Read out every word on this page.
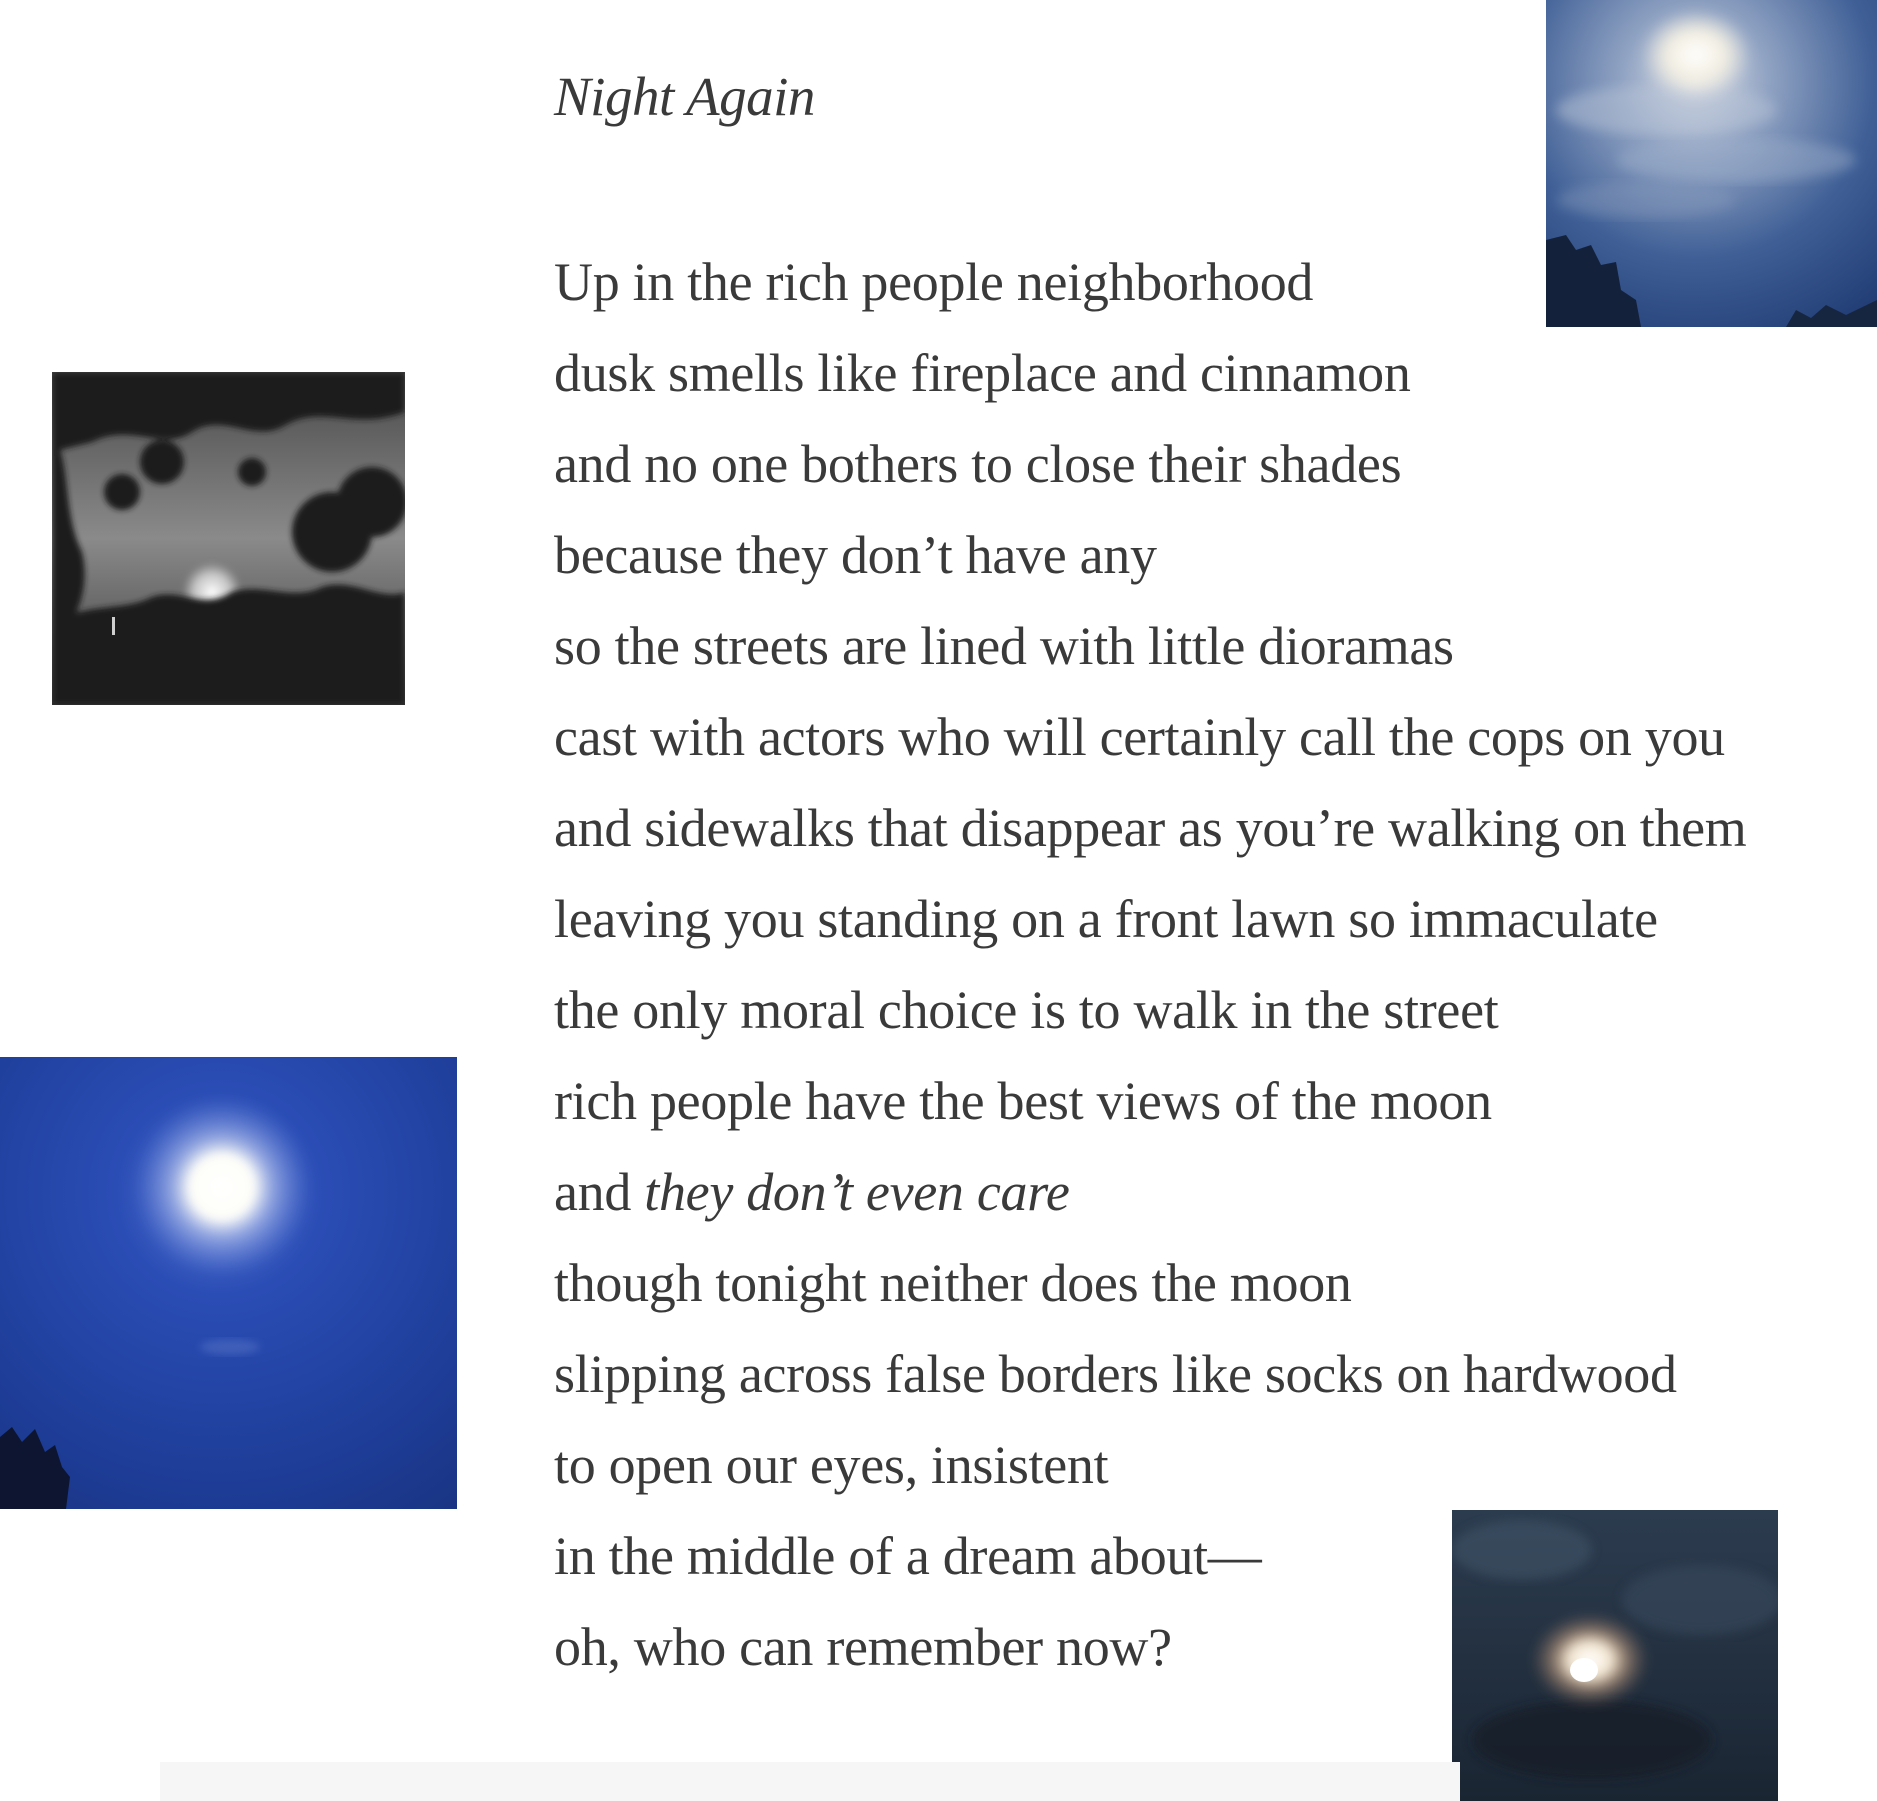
Night Again
Up in the rich people neighborhood
dusk smells like fireplace and cinnamon
and no one bothers to close their shades
because they don’t have any
so the streets are lined with little dioramas
cast with actors who will certainly call the cops on you
and sidewalks that disappear as you’re walking on them
leaving you standing on a front lawn so immaculate
the only moral choice is to walk in the street
rich people have the best views of the moon
and they don’t even care
though tonight neither does the moon
slipping across false borders like socks on hardwood
to open our eyes, insistent
in the middle of a dream about—
oh, who can remember now?
